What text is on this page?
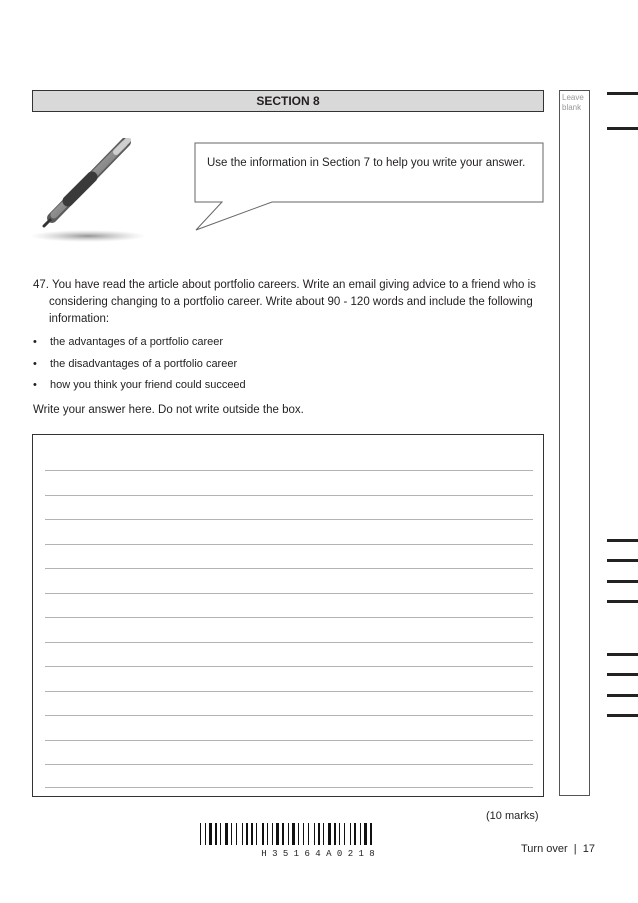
SECTION 8	Leave blank
Use the information in Section 7 to help you write your answer.
47. You have read the article about portfolio careers. Write an email giving advice to a friend who is considering changing to a portfolio career. Write about 90 - 120 words and include the following information:
• the advantages of a portfolio career
• the disadvantages of a portfolio career
• how you think your friend could succeed
Write your answer here. Do not write outside the box.
(10 marks)
H 3 5 1 6 4 A 0 2 1 8	Turn over  |  17
